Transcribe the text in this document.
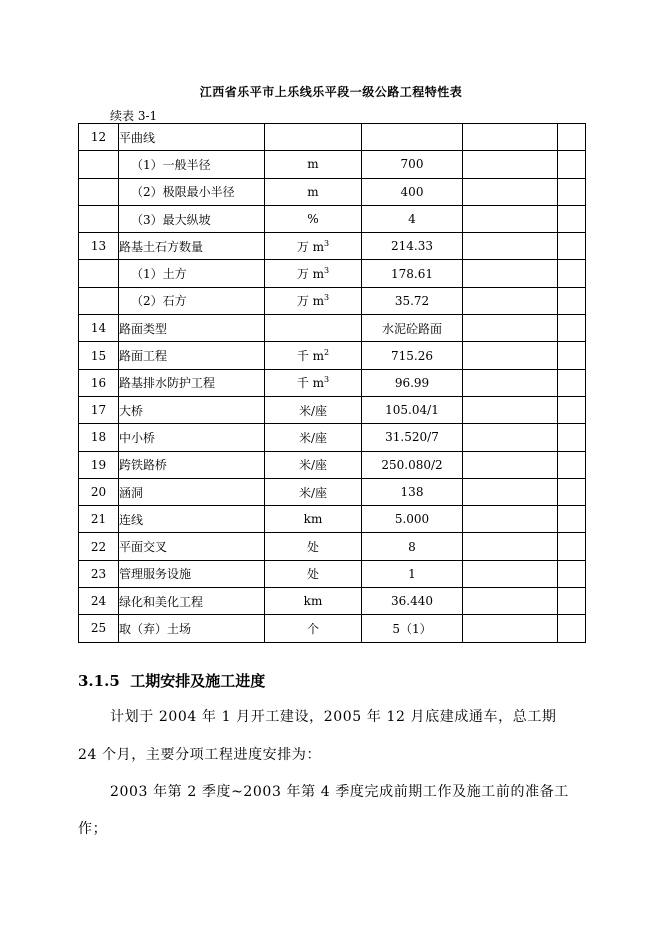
江西省乐平市上乐线乐平段一级公路工程特性表
续表 3-1
12	平曲线				
	（1）一般半径	m	700		
	（2）极限最小半径	m	400		
	（3）最大纵坡	%	4		
13	路基土石方数量	万 $m^3$	214.33		
	（1）土方	万 $m^3$	178.61		
	（2）石方	万 $m^3$	35.72		
14	路面类型		水泥砼路面		
15	路面工程	千 $m^2$	715.26		
16	路基排水防护工程	千 $m^3$	96.99		
17	大桥	米/座	105.04/1		
18	中小桥	米/座	31.520/7		
19	跨铁路桥	米/座	250.080/2		
20	涵洞	米/座	138		
21	连线	km	5.000		
22	平面交叉	处	8		
23	管理服务设施	处	1		
24	绿化和美化工程	km	36.440		
25	取（弃）土场	个	5（1）		
3.1.5 工期安排及施工进度
计划于 2004 年 1 月开工建设，2005 年 12 月底建成通车，总工期
24 个月，主要分项工程进度安排为：
2003 年第 2 季度~2003 年第 4 季度完成前期工作及施工前的准备工
作；
